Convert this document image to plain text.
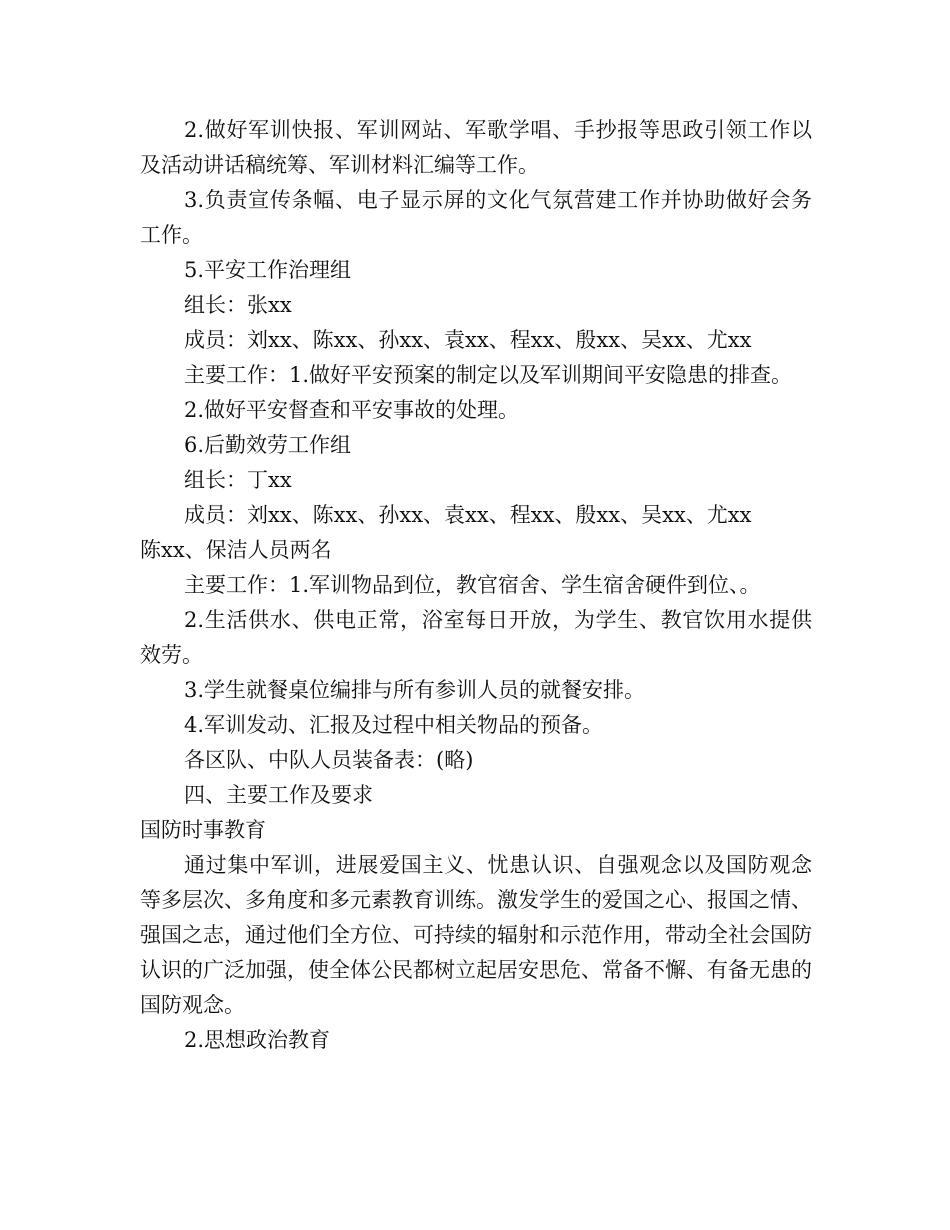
2.做好军训快报、军训网站、军歌学唱、手抄报等思政引领工作以及活动讲话稿统筹、军训材料汇编等工作。

3.负责宣传条幅、电子显示屏的文化气氛营建工作并协助做好会务工作。

5.平安工作治理组

组长：张xx

成员：刘xx、陈xx、孙xx、袁xx、程xx、殷xx、吴xx、尤xx

主要工作：1.做好平安预案的制定以及军训期间平安隐患的排查。

2.做好平安督查和平安事故的处理。

6.后勤效劳工作组

组长：丁xx

成员：刘xx、陈xx、孙xx、袁xx、程xx、殷xx、吴xx、尤xx

陈xx、保洁人员两名

主要工作：1.军训物品到位，教官宿舍、学生宿舍硬件到位、。

2.生活供水、供电正常，浴室每日开放，为学生、教官饮用水提供效劳。

3.学生就餐桌位编排与所有参训人员的就餐安排。

4.军训发动、汇报及过程中相关物品的预备。

各区队、中队人员装备表：(略)

四、主要工作及要求

国防时事教育

通过集中军训，进展爱国主义、忧患认识、自强观念以及国防观念等多层次、多角度和多元素教育训练。激发学生的爱国之心、报国之情、强国之志，通过他们全方位、可持续的辐射和示范作用，带动全社会国防认识的广泛加强，使全体公民都树立起居安思危、常备不懈、有备无患的国防观念。

2.思想政治教育
